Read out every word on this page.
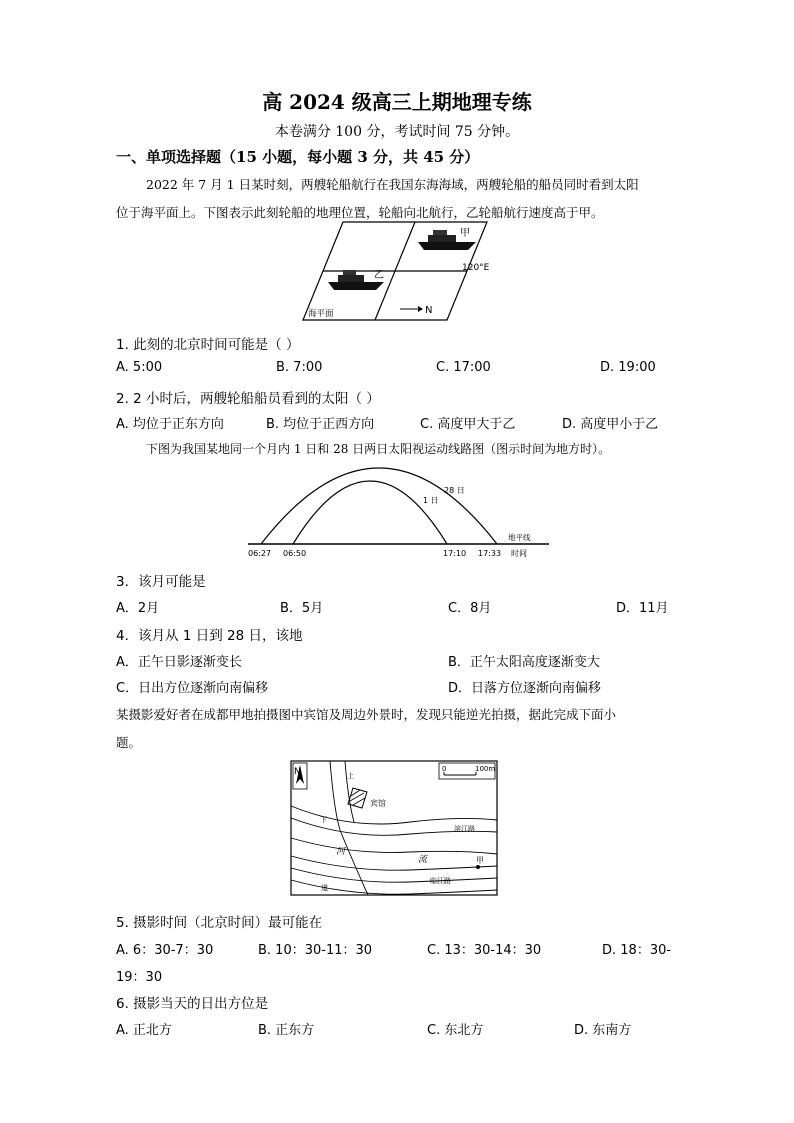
高 2024 级高三上期地理专练
本卷满分 100 分，考试时间 75 分钟。
一、单项选择题（15 小题，每小题 3 分，共 45 分）
2022 年 7 月 1 日某时刻，两艘轮船航行在我国东海海域，两艘轮船的船员同时看到太阳
位于海平面上。下图表示此刻轮船的地理位置，轮船向北航行，乙轮船航行速度高于甲。
甲
乙
120°E
海平面	N
1. 此刻的北京时间可能是（ ）
A. 5:00	B. 7:00	C. 17:00	D. 19:00
2. 2 小时后，两艘轮船船员看到的太阳（ ）
A. 均位于正东方向	B. 均位于正西方向	C. 高度甲大于乙	D. 高度甲小于乙
下图为我国某地同一个月内 1 日和 28 日两日太阳视运动线路图（图示时间为地方时）。
28 日
1 日
地平线
06:27 06:50	17:10 17:33 时间
3．该月可能是
A．2月	B．5月	C．8月	D．11月
4．该月从 1 日到 28 日，该地
A．正午日影逐渐变长	B．正午太阳高度逐渐变大
C．日出方位逐渐向南偏移	D．日落方位逐渐向南偏移
某摄影爱好者在成都甲地拍摄图中宾馆及周边外景时，发现只能逆光拍摄，据此完成下面小
题。
N	0	100m
上
下
道
宾馆
滨江路
河
流	甲
临江路
5. 摄影时间（北京时间）最可能在
A. 6：30-7：30	B. 10：30-11：30	C. 13：30-14：30	D. 18：30-
19：30
6. 摄影当天的日出方位是
A. 正北方	B. 正东方	C. 东北方	D. 东南方
